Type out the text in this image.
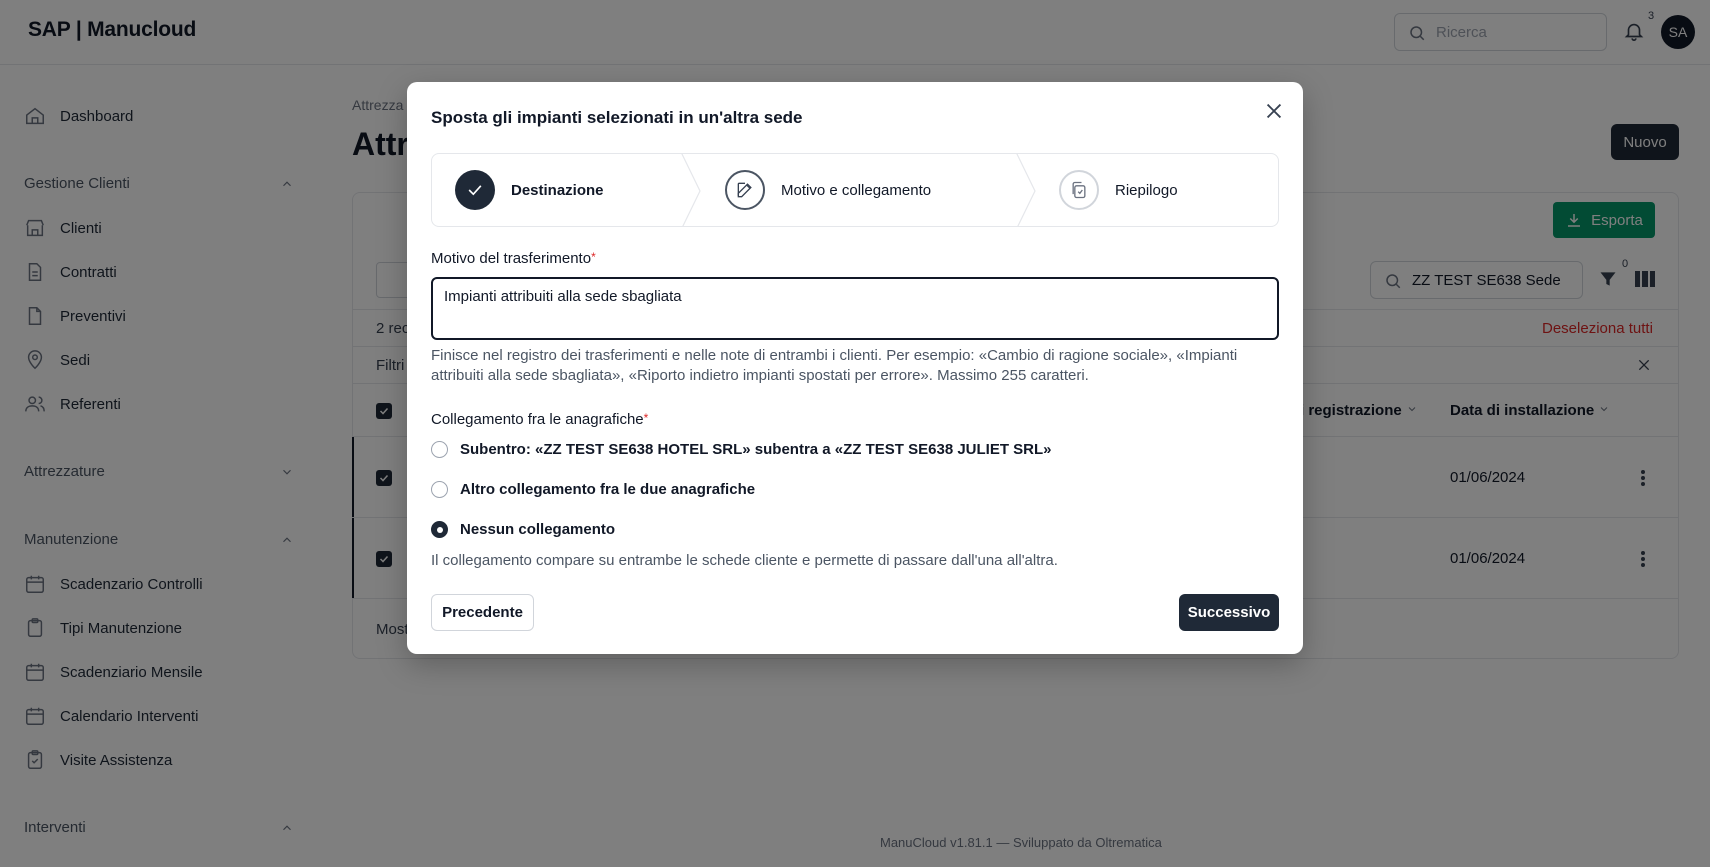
Sposta gli impianti selezionati in un'altra sede
Destinazione	Motivo e collegamento	Riepilogo
Motivo del trasferimento*
Impianti attribuiti alla sede sbagliata
Finisce nel registro dei trasferimenti e nelle note di entrambi i clienti. Per esempio: «Cambio di ragione sociale», «Impianti
attribuiti alla sede sbagliata», «Riporto indietro impianti spostati per errore». Massimo 255 caratteri.
Collegamento fra le anagrafiche*
Subentro: «ZZ TEST SE638 HOTEL SRL» subentra a «ZZ TEST SE638 JULIET SRL»
Altro collegamento fra le due anagrafiche
Nessun collegamento
Il collegamento compare su entrambe le schede cliente e permette di passare dall'una all'altra.
Precedente	Successivo
